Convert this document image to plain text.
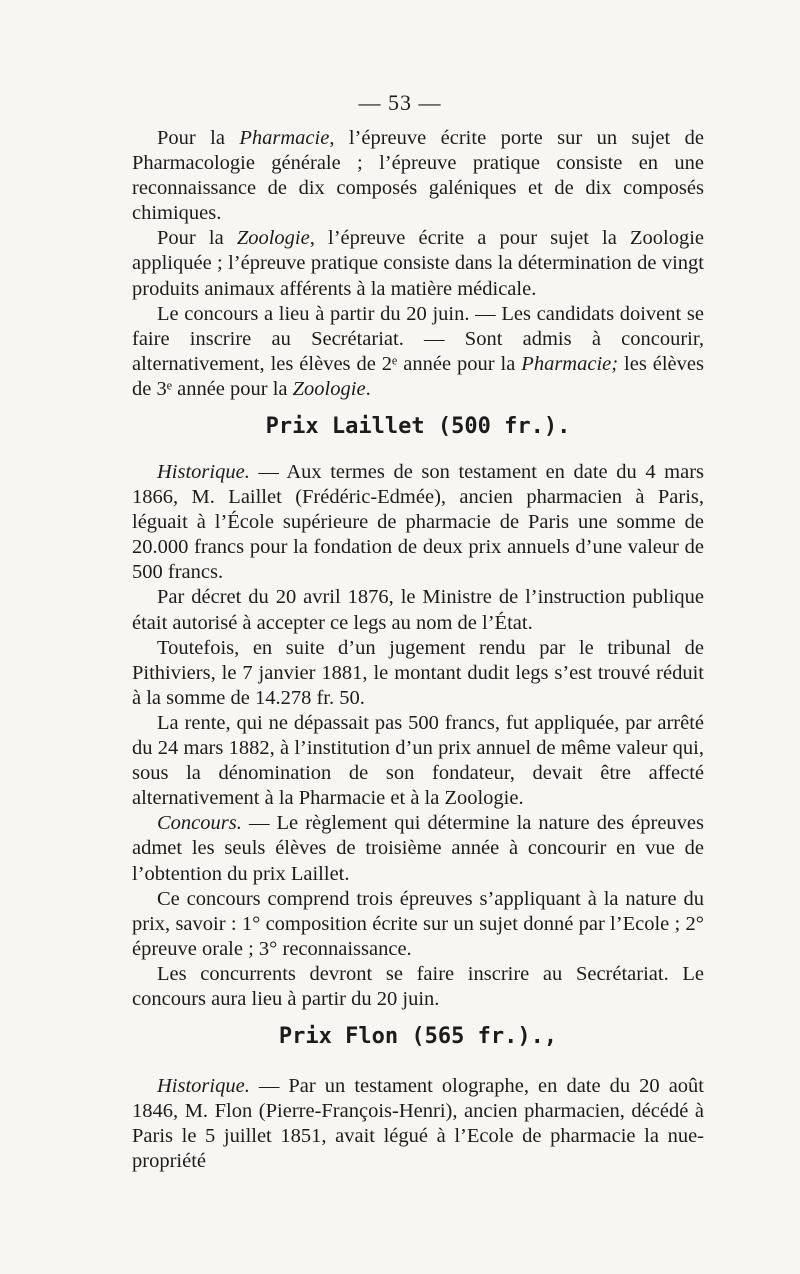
— 53 —

Pour la Pharmacie, l’épreuve écrite porte sur un sujet de Pharmacologie générale ; l’épreuve pratique consiste en une reconnaissance de dix composés galéniques et de dix composés chimiques.

Pour la Zoologie, l’épreuve écrite a pour sujet la Zoologie appliquée ; l’épreuve pratique consiste dans la détermination de vingt produits animaux afférents à la matière médicale.

Le concours a lieu à partir du 20 juin. — Les candidats doivent se faire inscrire au Secrétariat. — Sont admis à concourir, alternativement, les élèves de 2ᵉ année pour la Pharmacie; les élèves de 3ᵉ année pour la Zoologie.

Prix Laillet (500 fr.).

Historique. — Aux termes de son testament en date du 4 mars 1866, M. Laillet (Frédéric-Edmée), ancien pharmacien à Paris, léguait à l’École supérieure de pharmacie de Paris une somme de 20.000 francs pour la fondation de deux prix annuels d’une valeur de 500 francs.

Par décret du 20 avril 1876, le Ministre de l’instruction publique était autorisé à accepter ce legs au nom de l’État.

Toutefois, en suite d’un jugement rendu par le tribunal de Pithiviers, le 7 janvier 1881, le montant dudit legs s’est trouvé réduit à la somme de 14.278 fr. 50.

La rente, qui ne dépassait pas 500 francs, fut appliquée, par arrêté du 24 mars 1882, à l’institution d’un prix annuel de même valeur qui, sous la dénomination de son fondateur, devait être affecté alternativement à la Pharmacie et à la Zoologie.

Concours. — Le règlement qui détermine la nature des épreuves admet les seuls élèves de troisième année à concourir en vue de l’obtention du prix Laillet.

Ce concours comprend trois épreuves s’appliquant à la nature du prix, savoir : 1° composition écrite sur un sujet donné par l’Ecole ; 2° épreuve orale ; 3° reconnaissance.

Les concurrents devront se faire inscrire au Secrétariat. Le concours aura lieu à partir du 20 juin.

Prix Flon (565 fr.).,

Historique. — Par un testament olographe, en date du 20 août 1846, M. Flon (Pierre-François-Henri), ancien pharmacien, décédé à Paris le 5 juillet 1851, avait légué à l’Ecole de pharmacie la nue-propriété
